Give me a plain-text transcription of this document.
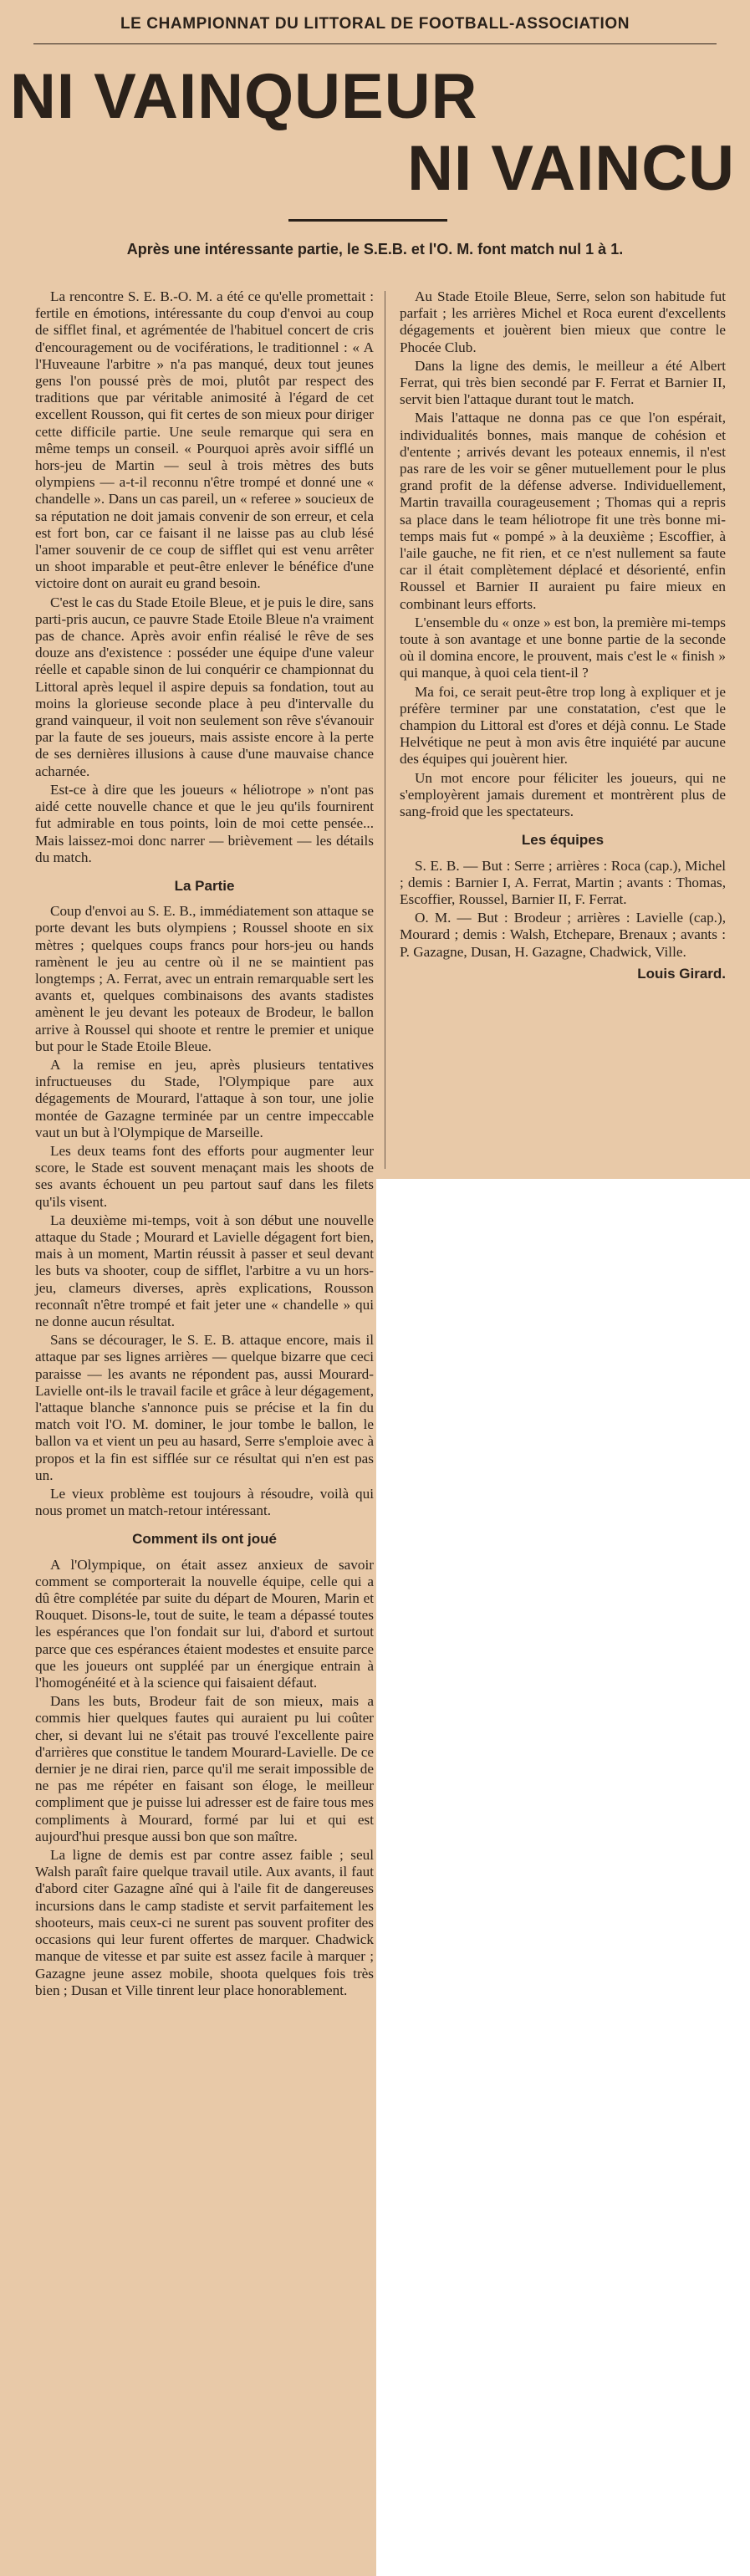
LE CHAMPIONNAT DU LITTORAL DE FOOTBALL-ASSOCIATION
NI VAINQUEUR
NI VAINCU
Après une intéressante partie, le S.E.B. et l'O. M. font match nul 1 à 1.

Au Stade Etoile Bleue, Serre, selon son habitude fut parfait ; les arrières Michel et Roca eurent d'excellents dégagements et jouèrent bien mieux que contre le Phocée Club.

Dans la ligne des demis, le meilleur a été Albert Ferrat, qui très bien secondé par F. Ferrat et Barnier II, servit bien l'attaque durant tout le match.

Mais l'attaque ne donna pas ce que l'on espérait, individualités bonnes, mais manque de cohésion et d'entente ; arrivés devant les poteaux ennemis, il n'est pas rare de les voir se gêner mutuellement pour le plus grand profit de la défense adverse. Individuellement, Martin travailla courageusement ; Thomas qui a repris sa place dans le team héliotrope fit une très bonne mi-temps mais fut « pompé » à la deuxième ; Escoffier, à l'aile gauche, ne fit rien, et ce n'est nullement sa faute car il était complètement déplacé et désorienté, enfin Roussel et Barnier II auraient pu faire mieux en combinant leurs efforts.

L'ensemble du « onze » est bon, la première mi-temps toute à son avantage et une bonne partie de la seconde où il domina encore, le prouvent, mais c'est le « finish » qui manque, à quoi cela tient-il ?

Ma foi, ce serait peut-être trop long à expliquer et je préfère terminer par une constatation, c'est que le champion du Littoral est d'ores et déjà connu. Le Stade Helvétique ne peut à mon avis être inquiété par aucune des équipes qui jouèrent hier.

Un mot encore pour féliciter les joueurs, qui ne s'employèrent jamais durement et montrèrent plus de sang-froid que les spectateurs.

Les équipes

S. E. B. — But : Serre ; arrières : Roca (cap.), Michel ; demis : Barnier I, A. Ferrat, Martin ; avants : Thomas, Escoffier, Roussel, Barnier II, F. Ferrat.

O. M. — But : Brodeur ; arrières : Lavielle (cap.), Mourard ; demis : Walsh, Etchepare, Brenaux ; avants : P. Gazagne, Dusan, H. Gazagne, Chadwick, Ville.

Louis Girard.

La rencontre S. E. B.-O. M. a été ce qu'elle promettait : fertile en émotions, intéressante du coup d'envoi au coup de sifflet final, et agrémentée de l'habituel concert de cris d'encouragement ou de vociférations, le traditionnel : « A l'Huveaune l'arbitre » n'a pas manqué, deux tout jeunes gens l'on poussé près de moi, plutôt par respect des traditions que par véritable animosité à l'égard de cet excellent Rousson, qui fit certes de son mieux pour diriger cette difficile partie. Une seule remarque qui sera en même temps un conseil. « Pourquoi après avoir sifflé un hors-jeu de Martin — seul à trois mètres des buts olympiens — a-t-il reconnu n'être trompé et donné une « chandelle ». Dans un cas pareil, un « referee » soucieux de sa réputation ne doit jamais convenir de son erreur, et cela est fort bon, car ce faisant il ne laisse pas au club lésé l'amer souvenir de ce coup de sifflet qui est venu arrêter un shoot imparable et peut-être enlever le bénéfice d'une victoire dont on aurait eu grand besoin.

C'est le cas du Stade Etoile Bleue, et je puis le dire, sans parti-pris aucun, ce pauvre Stade Etoile Bleue n'a vraiment pas de chance. Après avoir enfin réalisé le rêve de ses douze ans d'existence : posséder une équipe d'une valeur réelle et capable sinon de lui conquérir ce championnat du Littoral après lequel il aspire depuis sa fondation, tout au moins la glorieuse seconde place à peu d'intervalle du grand vainqueur, il voit non seulement son rêve s'évanouir par la faute de ses joueurs, mais assiste encore à la perte de ses dernières illusions à cause d'une mauvaise chance acharnée.

Est-ce à dire que les joueurs « héliotrope » n'ont pas aidé cette nouvelle chance et que le jeu qu'ils fournirent fut admirable en tous points, loin de moi cette pensée... Mais laissez-moi donc narrer — brièvement — les détails du match.

La Partie

Coup d'envoi au S. E. B., immédiatement son attaque se porte devant les buts olympiens ; Roussel shoote en six mètres ; quelques coups francs pour hors-jeu ou hands ramènent le jeu au centre où il ne se maintient pas longtemps ; A. Ferrat, avec un entrain remarquable sert les avants et, quelques combinaisons des avants stadistes amènent le jeu devant les poteaux de Brodeur, le ballon arrive à Roussel qui shoote et rentre le premier et unique but pour le Stade Etoile Bleue.

A la remise en jeu, après plusieurs tentatives infructueuses du Stade, l'Olympique pare aux dégagements de Mourard, l'attaque à son tour, une jolie montée de Gazagne terminée par un centre impeccable vaut un but à l'Olympique de Marseille.

Les deux teams font des efforts pour augmenter leur score, le Stade est souvent menaçant mais les shoots de ses avants échouent un peu partout sauf dans les filets qu'ils visent.

La deuxième mi-temps, voit à son début une nouvelle attaque du Stade ; Mourard et Lavielle dégagent fort bien, mais à un moment, Martin réussit à passer et seul devant les buts va shooter, coup de sifflet, l'arbitre a vu un hors-jeu, clameurs diverses, après explications, Rousson reconnaît n'être trompé et fait jeter une « chandelle » qui ne donne aucun résultat.

Sans se décourager, le S. E. B. attaque encore, mais il attaque par ses lignes arrières — quelque bizarre que ceci paraisse — les avants ne répondent pas, aussi Mourard-Lavielle ont-ils le travail facile et grâce à leur dégagement, l'attaque blanche s'annonce puis se précise et la fin du match voit l'O. M. dominer, le jour tombe le ballon, le ballon va et vient un peu au hasard, Serre s'emploie avec à propos et la fin est sifflée sur ce résultat qui n'en est pas un.

Le vieux problème est toujours à résoudre, voilà qui nous promet un match-retour intéressant.

Comment ils ont joué

A l'Olympique, on était assez anxieux de savoir comment se comporterait la nouvelle équipe, celle qui a dû être complétée par suite du départ de Mouren, Marin et Rouquet. Disons-le, tout de suite, le team a dépassé toutes les espérances que l'on fondait sur lui, d'abord et surtout parce que ces espérances étaient modestes et ensuite parce que les joueurs ont suppléé par un énergique entrain à l'homogénéité et à la science qui faisaient défaut.

Dans les buts, Brodeur fait de son mieux, mais a commis hier quelques fautes qui auraient pu lui coûter cher, si devant lui ne s'était pas trouvé l'excellente paire d'arrières que constitue le tandem Mourard-Lavielle. De ce dernier je ne dirai rien, parce qu'il me serait impossible de ne pas me répéter en faisant son éloge, le meilleur compliment que je puisse lui adresser est de faire tous mes compliments à Mourard, formé par lui et qui est aujourd'hui presque aussi bon que son maître.

La ligne de demis est par contre assez faible ; seul Walsh paraît faire quelque travail utile. Aux avants, il faut d'abord citer Gazagne aîné qui à l'aile fit de dangereuses incursions dans le camp stadiste et servit parfaitement les shooteurs, mais ceux-ci ne surent pas souvent profiter des occasions qui leur furent offertes de marquer. Chadwick manque de vitesse et par suite est assez facile à marquer ; Gazagne jeune assez mobile, shoota quelques fois très bien ; Dusan et Ville tinrent leur place honorablement.
